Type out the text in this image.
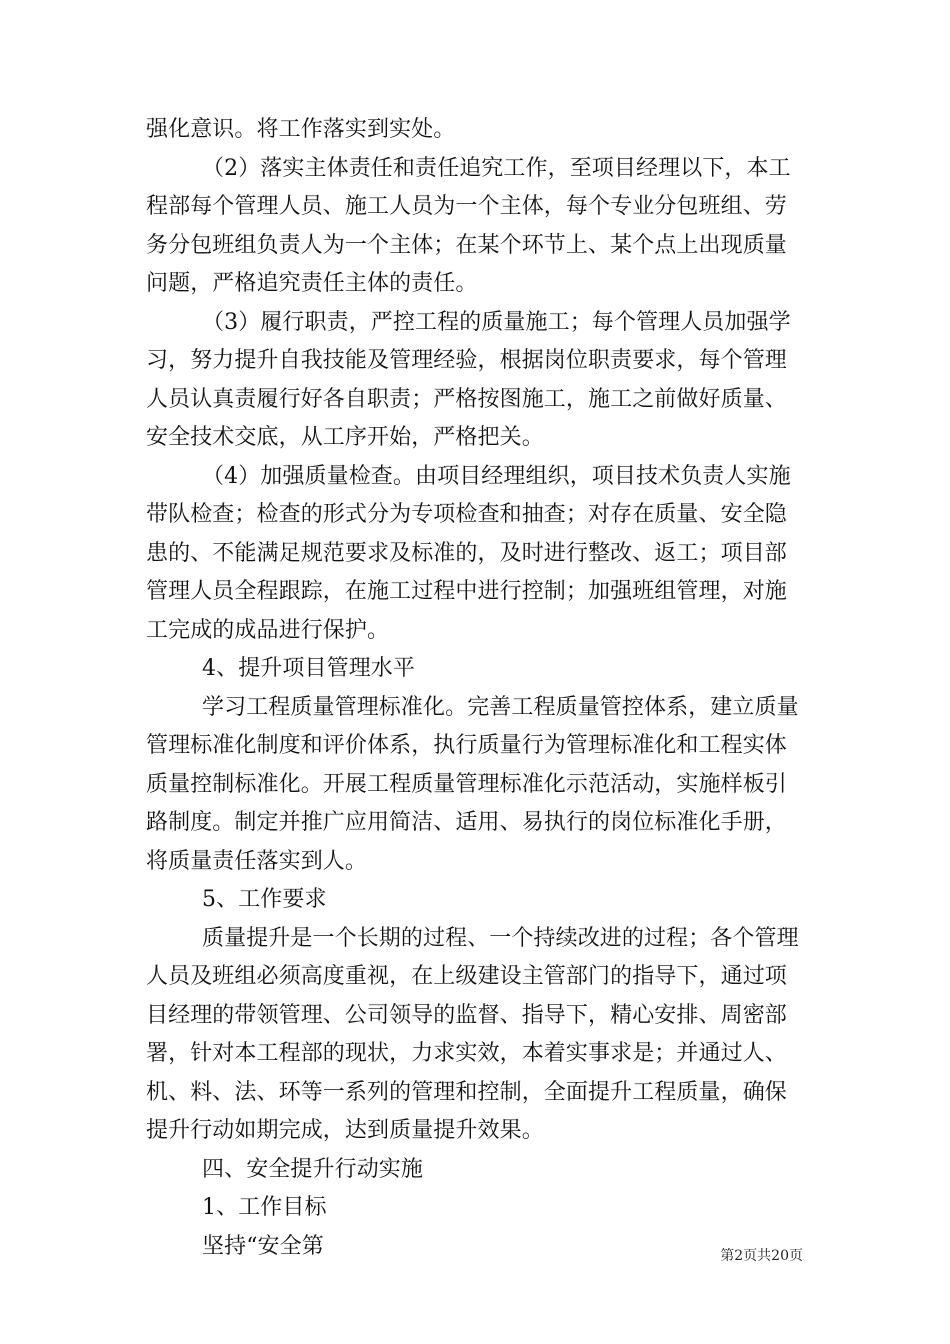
强化意识。将工作落实到实处。
（2）落实主体责任和责任追究工作，至项目经理以下，本工
程部每个管理人员、施工人员为一个主体，每个专业分包班组、劳
务分包班组负责人为一个主体；在某个环节上、某个点上出现质量
问题，严格追究责任主体的责任。
（3）履行职责，严控工程的质量施工；每个管理人员加强学
习，努力提升自我技能及管理经验，根据岗位职责要求，每个管理
人员认真责履行好各自职责；严格按图施工，施工之前做好质量、
安全技术交底，从工序开始，严格把关。
（4）加强质量检查。由项目经理组织，项目技术负责人实施
带队检查；检查的形式分为专项检查和抽查；对存在质量、安全隐
患的、不能满足规范要求及标准的，及时进行整改、返工；项目部
管理人员全程跟踪，在施工过程中进行控制；加强班组管理，对施
工完成的成品进行保护。
4、提升项目管理水平
学习工程质量管理标准化。完善工程质量管控体系，建立质量
管理标准化制度和评价体系，执行质量行为管理标准化和工程实体
质量控制标准化。开展工程质量管理标准化示范活动，实施样板引
路制度。制定并推广应用简洁、适用、易执行的岗位标准化手册，
将质量责任落实到人。
5、工作要求
质量提升是一个长期的过程、一个持续改进的过程；各个管理
人员及班组必须高度重视，在上级建设主管部门的指导下，通过项
目经理的带领管理、公司领导的监督、指导下，精心安排、周密部
署，针对本工程部的现状，力求实效，本着实事求是；并通过人、
机、料、法、环等一系列的管理和控制，全面提升工程质量，确保
提升行动如期完成，达到质量提升效果。
四、安全提升行动实施
1、工作目标
坚持“安全第	第2页共20页
